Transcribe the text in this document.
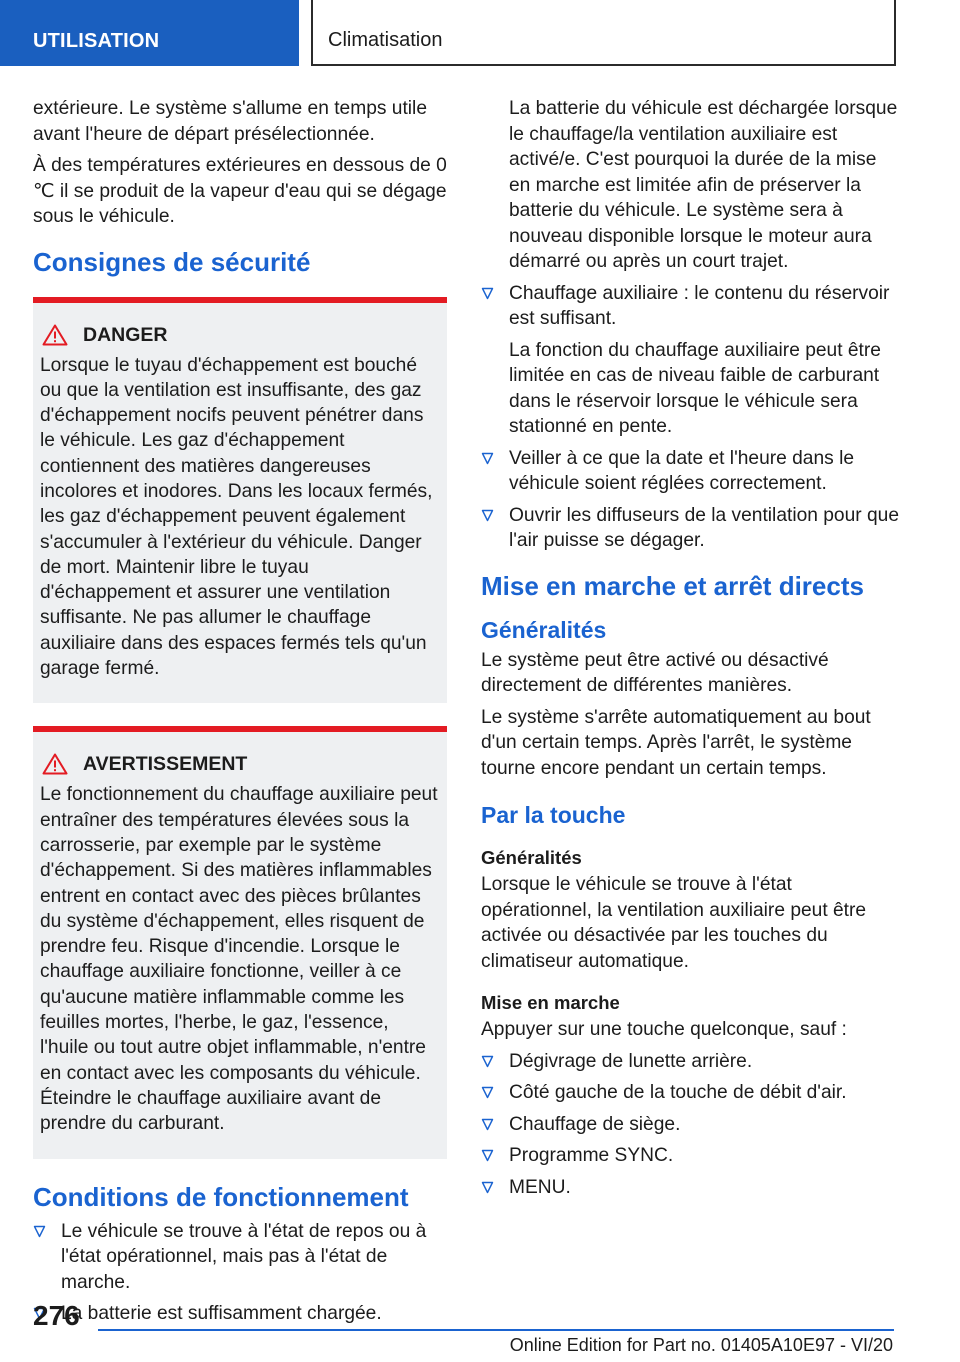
UTILISATION	Climatisation

extérieure. Le système s'allume en temps utile avant l'heure de départ présélectionnée.

À des températures extérieures en dessous de 0 ℃ il se produit de la vapeur d'eau qui se dégage sous le véhicule.

Consignes de sécurité
DANGER

Lorsque le tuyau d'échappement est bouché ou que la ventilation est insuffisante, des gaz d'échappement nocifs peuvent pénétrer dans le véhicule. Les gaz d'échappement contiennent des matières dangereuses incolores et inodores. Dans les locaux fermés, les gaz d'échappement peuvent également s'accumuler à l'extérieur du véhicule. Danger de mort. Maintenir libre le tuyau d'échappement et assurer une ventilation suffisante. Ne pas allumer le chauffage auxiliaire dans des espaces fermés tels qu'un garage fermé.

AVERTISSEMENT

Le fonctionnement du chauffage auxiliaire peut entraîner des températures élevées sous la carrosserie, par exemple par le système d'échappement. Si des matières inflammables entrent en contact avec des pièces brûlantes du système d'échappement, elles risquent de prendre feu. Risque d'incendie. Lorsque le chauffage auxiliaire fonctionne, veiller à ce qu'aucune matière inflammable comme les feuilles mortes, l'herbe, le gaz, l'essence, l'huile ou tout autre objet inflammable, n'entre en contact avec les composants du véhicule. Éteindre le chauffage auxiliaire avant de prendre du carburant.

Conditions de fonctionnement

Le véhicule se trouve à l'état de repos ou à l'état opérationnel, mais pas à l'état de marche.

La batterie est suffisamment chargée.

La batterie du véhicule est déchargée lorsque le chauffage/la ventilation auxiliaire est activé/e. C'est pourquoi la durée de la mise en marche est limitée afin de préserver la batterie du véhicule. Le système sera à nouveau disponible lorsque le moteur aura démarré ou après un court trajet.

Chauffage auxiliaire : le contenu du réservoir est suffisant.

La fonction du chauffage auxiliaire peut être limitée en cas de niveau faible de carburant dans le réservoir lorsque le véhicule sera stationné en pente.

Veiller à ce que la date et l'heure dans le véhicule soient réglées correctement.

Ouvrir les diffuseurs de la ventilation pour que l'air puisse se dégager.

Mise en marche et arrêt directs
Généralités

Le système peut être activé ou désactivé directement de différentes manières.

Le système s'arrête automatiquement au bout d'un certain temps. Après l'arrêt, le système tourne encore pendant un certain temps.

Par la touche
Généralités

Lorsque le véhicule se trouve à l'état opérationnel, la ventilation auxiliaire peut être activée ou désactivée par les touches du climatiseur automatique.

Mise en marche

Appuyer sur une touche quelconque, sauf :

Dégivrage de lunette arrière.

Côté gauche de la touche de débit d'air.

Chauffage de siège.

Programme SYNC.

MENU.

276
Online Edition for Part no. 01405A10E97 - VI/20
